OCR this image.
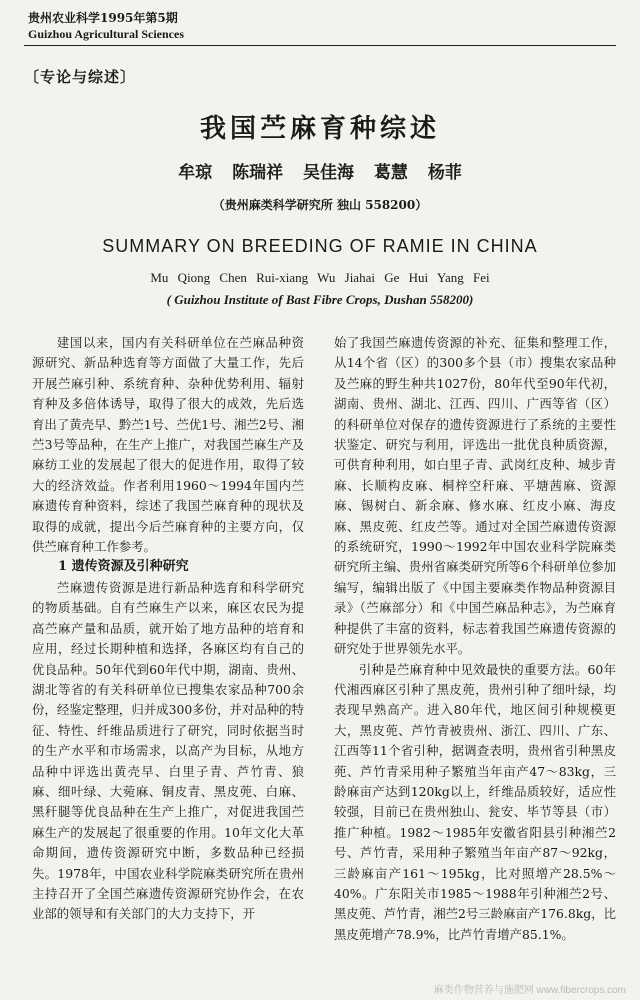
贵州农业科学1995年第5期
Guizhou Agricultural Sciences
〔专论与综述〕
我国苎麻育种综述
牟琼 陈瑞祥 吴佳海 葛慧 杨菲
（贵州麻类科学研究所 独山 558200）
SUMMARY ON BREEDING OF RAMIE IN CHINA
Mu Qiong Chen Rui-xiang Wu Jiahai Ge Hui Yang Fei
( Guizhou Institute of Bast Fibre Crops, Dushan 558200)

建国以来，国内有关科研单位在苎麻品种资源研究、新品种选育等方面做了大量工作，先后开展苎麻引种、系统育种、杂种优势利用、辐射育种及多倍体诱导，取得了很大的成效，先后选育出了黄壳早、黔苎1号、苎优1号、湘苎2号、湘苎3号等品种，在生产上推广，对我国苎麻生产及麻纺工业的发展起了很大的促进作用，取得了较大的经济效益。作者利用1960～1994年国内苎麻遗传育种资料，综述了我国苎麻育种的现状及取得的成就，提出今后苎麻育种的主要方向，仅供苎麻育种工作参考。

1 遗传资源及引种研究

苎麻遗传资源是进行新品种选育和科学研究的物质基础。自有苎麻生产以来，麻区农民为提高苎麻产量和品质，就开始了地方品种的培育和应用，经过长期种植和选择，各麻区均有自己的优良品种。50年代到60年代中期，湖南、贵州、湖北等省的有关科研单位已搜集农家品种700余份，经鉴定整理，归并成300多份，并对品种的特征、特性、纤维品质进行了研究，同时依据当时的生产水平和市场需求，以高产为目标，从地方品种中评选出黄壳早、白里子青、芦竹青、狼麻、细叶绿、大菀麻、铜皮青、黑皮蔸、白麻、黑秆腿等优良品种在生产上推广，对促进我国苎麻生产的发展起了很重要的作用。10年文化大革命期间，遗传资源研究中断，多数品种已经损失。1978年，中国农业科学院麻类研究所在贵州主持召开了全国苎麻遗传资源研究协作会，在农业部的领导和有关部门的大力支持下，开

始了我国苎麻遗传资源的补充、征集和整理工作，从14个省（区）的300多个县（市）搜集农家品种及苎麻的野生种共1027份，80年代至90年代初，湖南、贵州、湖北、江西、四川、广西等省（区）的科研单位对保存的遗传资源进行了系统的主要性状鉴定、研究与利用，评选出一批优良种质资源，可供育种利用，如白里子青、武岗红皮种、城步青麻、长顺构皮麻、桐梓空秆麻、平塘茜麻、资源麻、锡树白、新余麻、修水麻、红皮小麻、海皮麻、黑皮蔸、红皮苎等。通过对全国苎麻遗传资源的系统研究，1990～1992年中国农业科学院麻类研究所主编、贵州省麻类研究所等6个科研单位参加编写，编辑出版了《中国主要麻类作物品种资源目录》（苎麻部分）和《中国苎麻品种志》，为苎麻育种提供了丰富的资料，标志着我国苎麻遗传资源的研究处于世界领先水平。

引种是苎麻育种中见效最快的重要方法。60年代湘西麻区引种了黑皮蔸，贵州引种了细叶绿，均表现早熟高产。进入80年代，地区间引种规模更大，黑皮蔸、芦竹青被贵州、浙江、四川、广东、江西等11个省引种，据调查表明，贵州省引种黑皮蔸、芦竹青采用种子繁殖当年亩产47～83kg，三龄麻亩产达到120kg以上，纤维品质较好，适应性较强，目前已在贵州独山、瓮安、毕节等县（市）推广种植。1982～1985年安徽省阳县引种湘苎2号、芦竹青，采用种子繁殖当年亩产87～92kg，三龄麻亩产161～195kg，比对照增产28.5%～40%。广东阳关市1985～1988年引种湘苎2号、黑皮蔸、芦竹青，湘苎2号三龄麻亩产176.8kg，比黑皮蔸增产78.9%，比芦竹青增产85.1%。

麻类作物营养与施肥网 www.fibercrops.com
